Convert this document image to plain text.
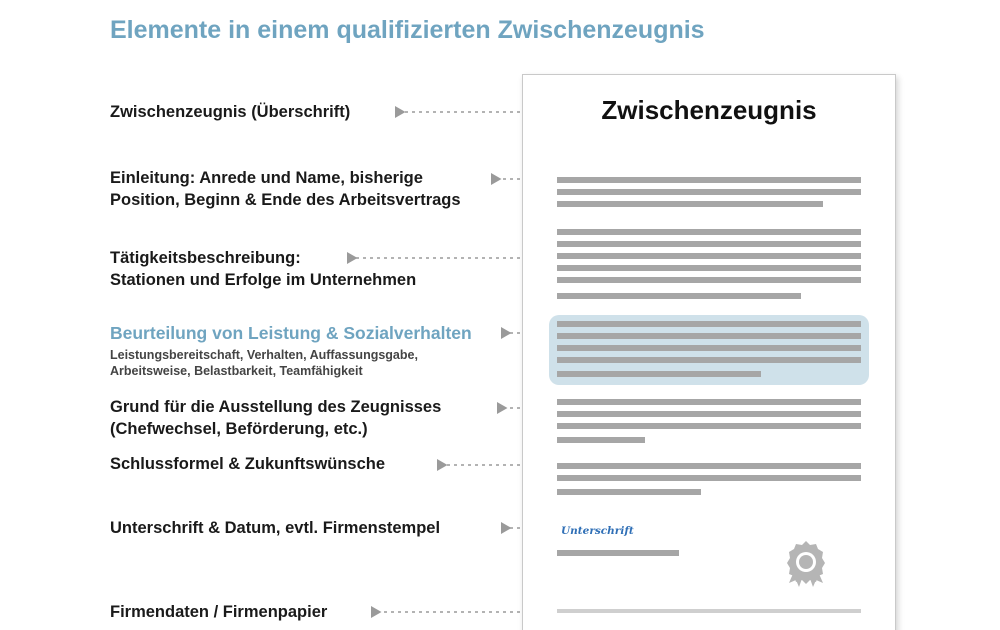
Elemente in einem qualifizierten Zwischenzeugnis
Zwischenzeugnis (Überschrift)
Einleitung: Anrede und Name, bisherige
Position, Beginn & Ende des Arbeitsvertrags
Tätigkeitsbeschreibung:
Stationen und Erfolge im Unternehmen
Beurteilung von Leistung & Sozialverhalten
Leistungsbereitschaft, Verhalten, Auffassungsgabe,
Arbeitsweise, Belastbarkeit, Teamfähigkeit
Grund für die Ausstellung des Zeugnisses
(Chefwechsel, Beförderung, etc.)
Schlussformel & Zukunftswünsche
Unterschrift & Datum, evtl. Firmenstempel
Firmendaten / Firmenpapier
Zwischenzeugnis
Unterschrift
